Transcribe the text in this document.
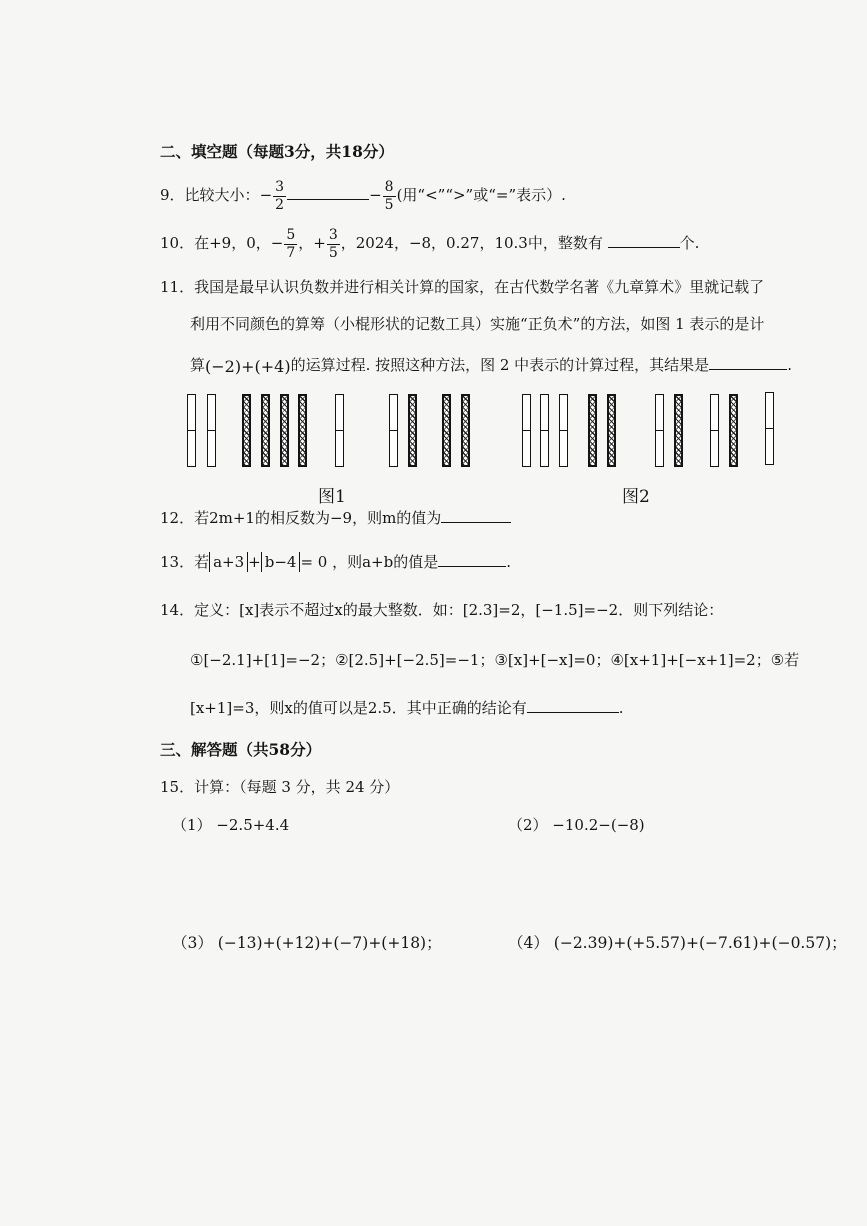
二、填空题（每题3分，共18分）
9．比较大小：− $\frac{3}{2}$	− $\frac{8}{5}$ (用“<”“>”或“=”表示）.
10．在+9，0，− $\frac{5}{7}$ ，+ $\frac{3}{5}$ ，2024，−8，0.27，10.3中，整数有	个.
11．我国是最早认识负数并进行相关计算的国家，在古代数学名著《九章算术》里就记载了
利用不同颜色的算筹（小棍形状的记数工具）实施“正负术”的方法，如图 1 表示的是计
算(−2)+(+4)的运算过程. 按照这种方法，图 2 中表示的计算过程，其结果是	.
图1	图2
12．若2m+1的相反数为−9，则m的值为
13．若 a+3 + b−4 = 0 ，则a+b的值是	.
14．定义：[x]表示不超过x的最大整数．如：[2.3]=2，[−1.5]=−2．则下列结论：
①[−2.1]+[1]=−2；②[2.5]+[−2.5]=−1；③[x]+[−x]=0；④[x+1]+[−x+1]=2；⑤若
[x+1]=3，则x的值可以是2.5．其中正确的结论有	.
三、解答题（共58分）
15．计算：（每题 3 分，共 24 分）
（1） −2.5+4.4	（2） −10.2−(−8)
（3） (−13)+(+12)+(−7)+(+18)；	（4） (−2.39)+(+5.57)+(−7.61)+(−0.57)；
